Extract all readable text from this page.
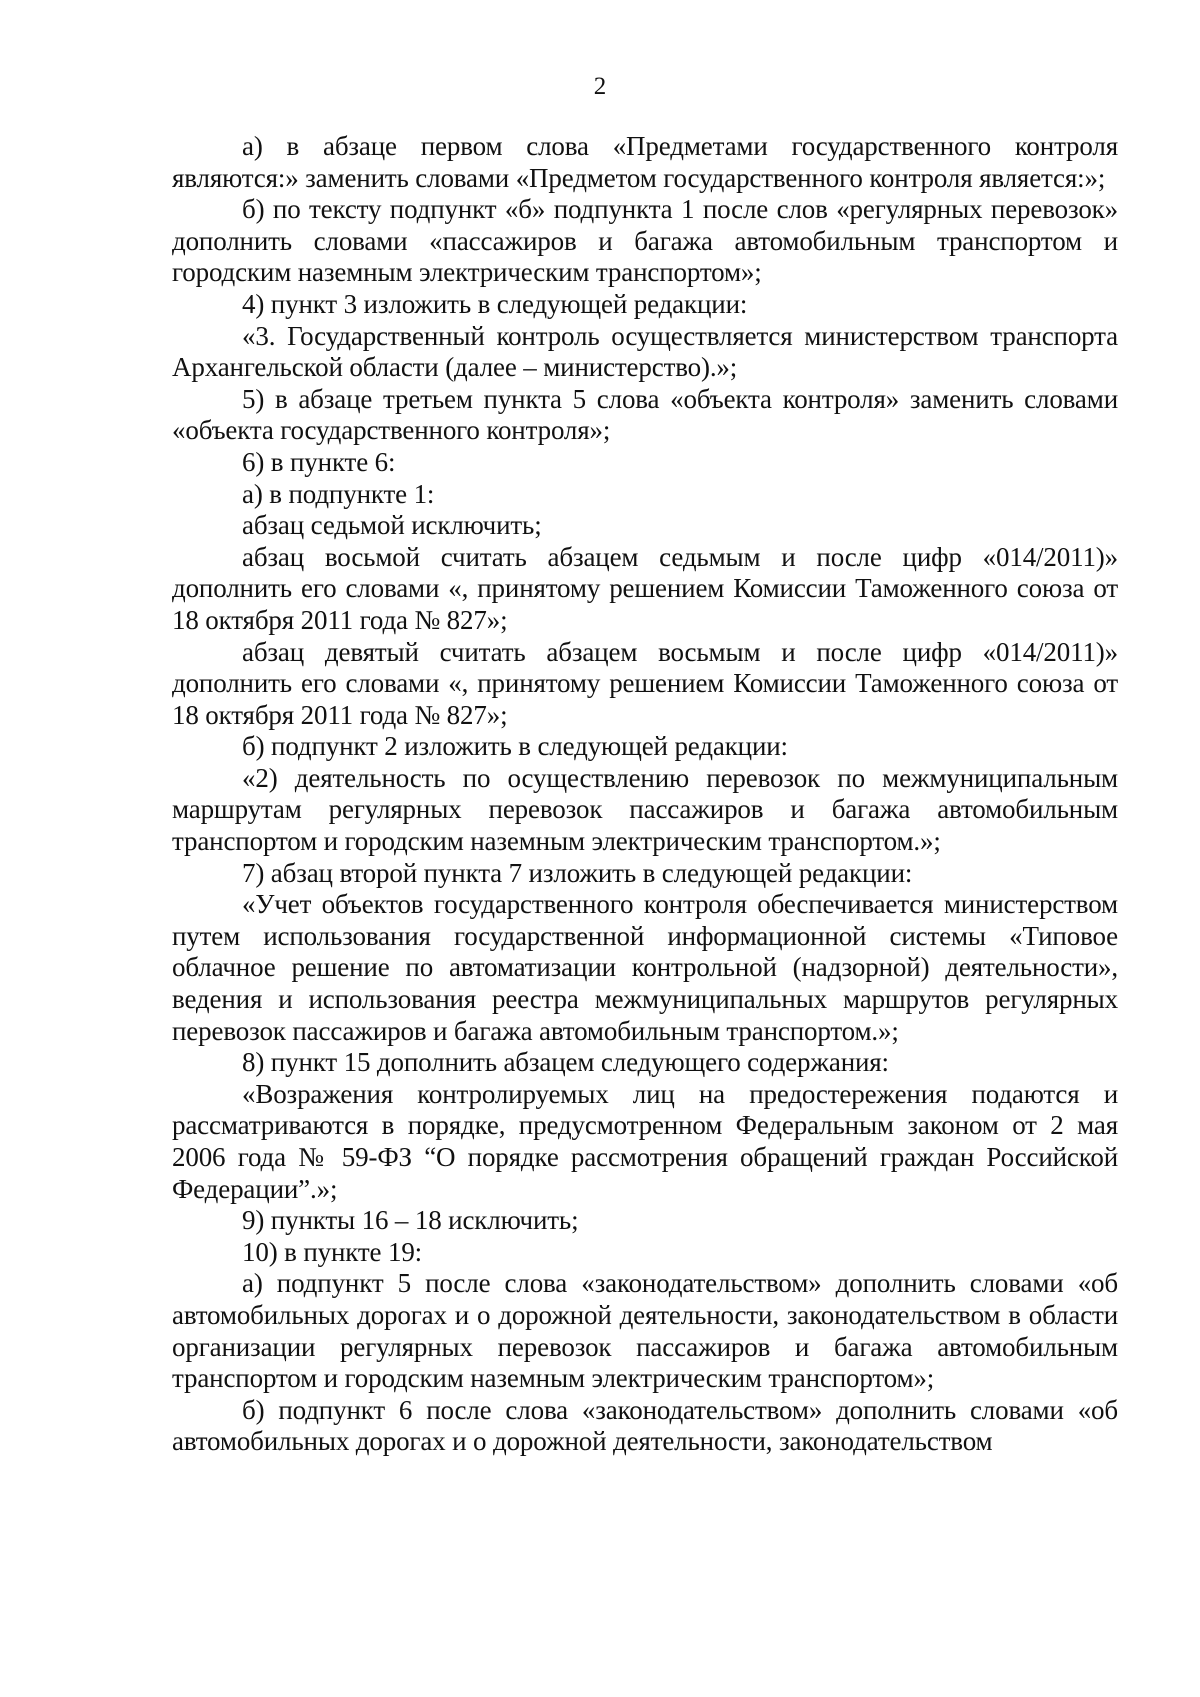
2

а) в абзаце первом слова «Предметами государственного контроля являются:» заменить словами «Предметом государственного контроля является:»;

б) по тексту подпункт «б» подпункта 1 после слов «регулярных перевозок» дополнить словами «пассажиров и багажа автомобильным транспортом и городским наземным электрическим транспортом»;

4) пункт 3 изложить в следующей редакции:

«3. Государственный контроль осуществляется министерством транспорта Архангельской области (далее – министерство).»;

5) в абзаце третьем пункта 5 слова «объекта контроля» заменить словами «объекта государственного контроля»;

6) в пункте 6:

а) в подпункте 1:

абзац седьмой исключить;

абзац восьмой считать абзацем седьмым и после цифр «014/2011)» дополнить его словами «, принятому решением Комиссии Таможенного союза от 18 октября 2011 года № 827»;

абзац девятый считать абзацем восьмым и после цифр «014/2011)» дополнить его словами «, принятому решением Комиссии Таможенного союза от 18 октября 2011 года № 827»;

б) подпункт 2 изложить в следующей редакции:

«2) деятельность по осуществлению перевозок по межмуниципальным маршрутам регулярных перевозок пассажиров и багажа автомобильным транспортом и городским наземным электрическим транспортом.»;

7) абзац второй пункта 7 изложить в следующей редакции:

«Учет объектов государственного контроля обеспечивается министерством путем использования государственной информационной системы «Типовое облачное решение по автоматизации контрольной (надзорной) деятельности», ведения и использования реестра межмуниципальных маршрутов регулярных перевозок пассажиров и багажа автомобильным транспортом.»;

8) пункт 15 дополнить абзацем следующего содержания:

«Возражения контролируемых лиц на предостережения подаются и рассматриваются в порядке, предусмотренном Федеральным законом от 2 мая 2006 года № 59-ФЗ “О порядке рассмотрения обращений граждан Российской Федерации”.»;

9) пункты 16 – 18 исключить;

10) в пункте 19:

а) подпункт 5 после слова «законодательством» дополнить словами «об автомобильных дорогах и о дорожной деятельности, законодательством в области организации регулярных перевозок пассажиров и багажа автомобильным транспортом и городским наземным электрическим транспортом»;

б) подпункт 6 после слова «законодательством» дополнить словами «об автомобильных дорогах и о дорожной деятельности, законодательством
